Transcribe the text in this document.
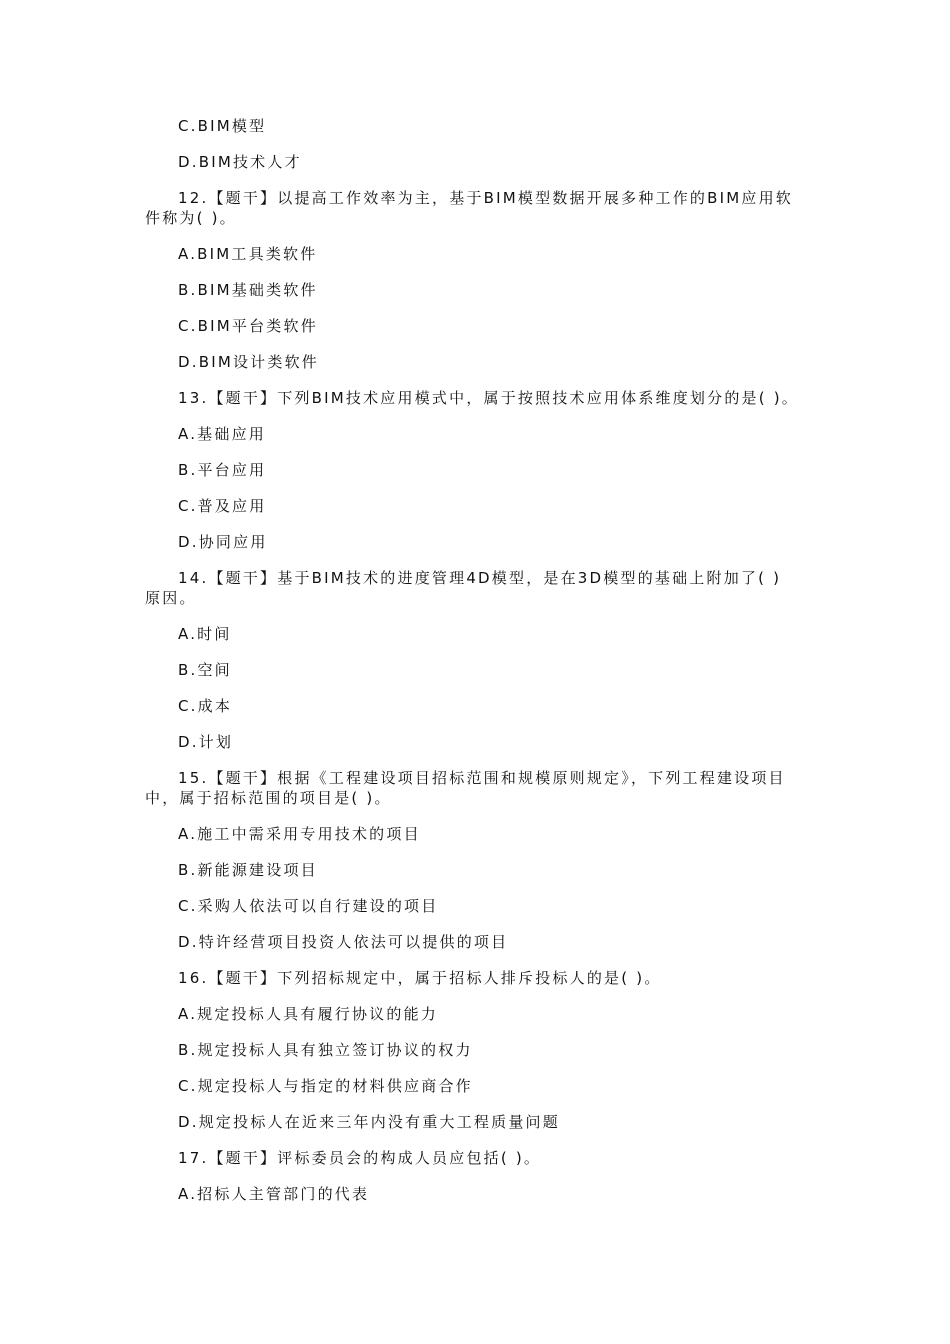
C.BIM模型
D.BIM技术人才
12.【题干】以提高工作效率为主，基于BIM模型数据开展多种工作的BIM应用软
件称为( )。
A.BIM工具类软件
B.BIM基础类软件
C.BIM平台类软件
D.BIM设计类软件
13.【题干】下列BIM技术应用模式中，属于按照技术应用体系维度划分的是( )。
A.基础应用
B.平台应用
C.普及应用
D.协同应用
14.【题干】基于BIM技术的进度管理4D模型，是在3D模型的基础上附加了( )
原因。
A.时间
B.空间
C.成本
D.计划
15.【题干】根据《工程建设项目招标范围和规模原则规定》，下列工程建设项目
中，属于招标范围的项目是( )。
A.施工中需采用专用技术的项目
B.新能源建设项目
C.采购人依法可以自行建设的项目
D.特许经营项目投资人依法可以提供的项目
16.【题干】下列招标规定中，属于招标人排斥投标人的是( )。
A.规定投标人具有履行协议的能力
B.规定投标人具有独立签订协议的权力
C.规定投标人与指定的材料供应商合作
D.规定投标人在近来三年内没有重大工程质量问题
17.【题干】评标委员会的构成人员应包括( )。
A.招标人主管部门的代表
